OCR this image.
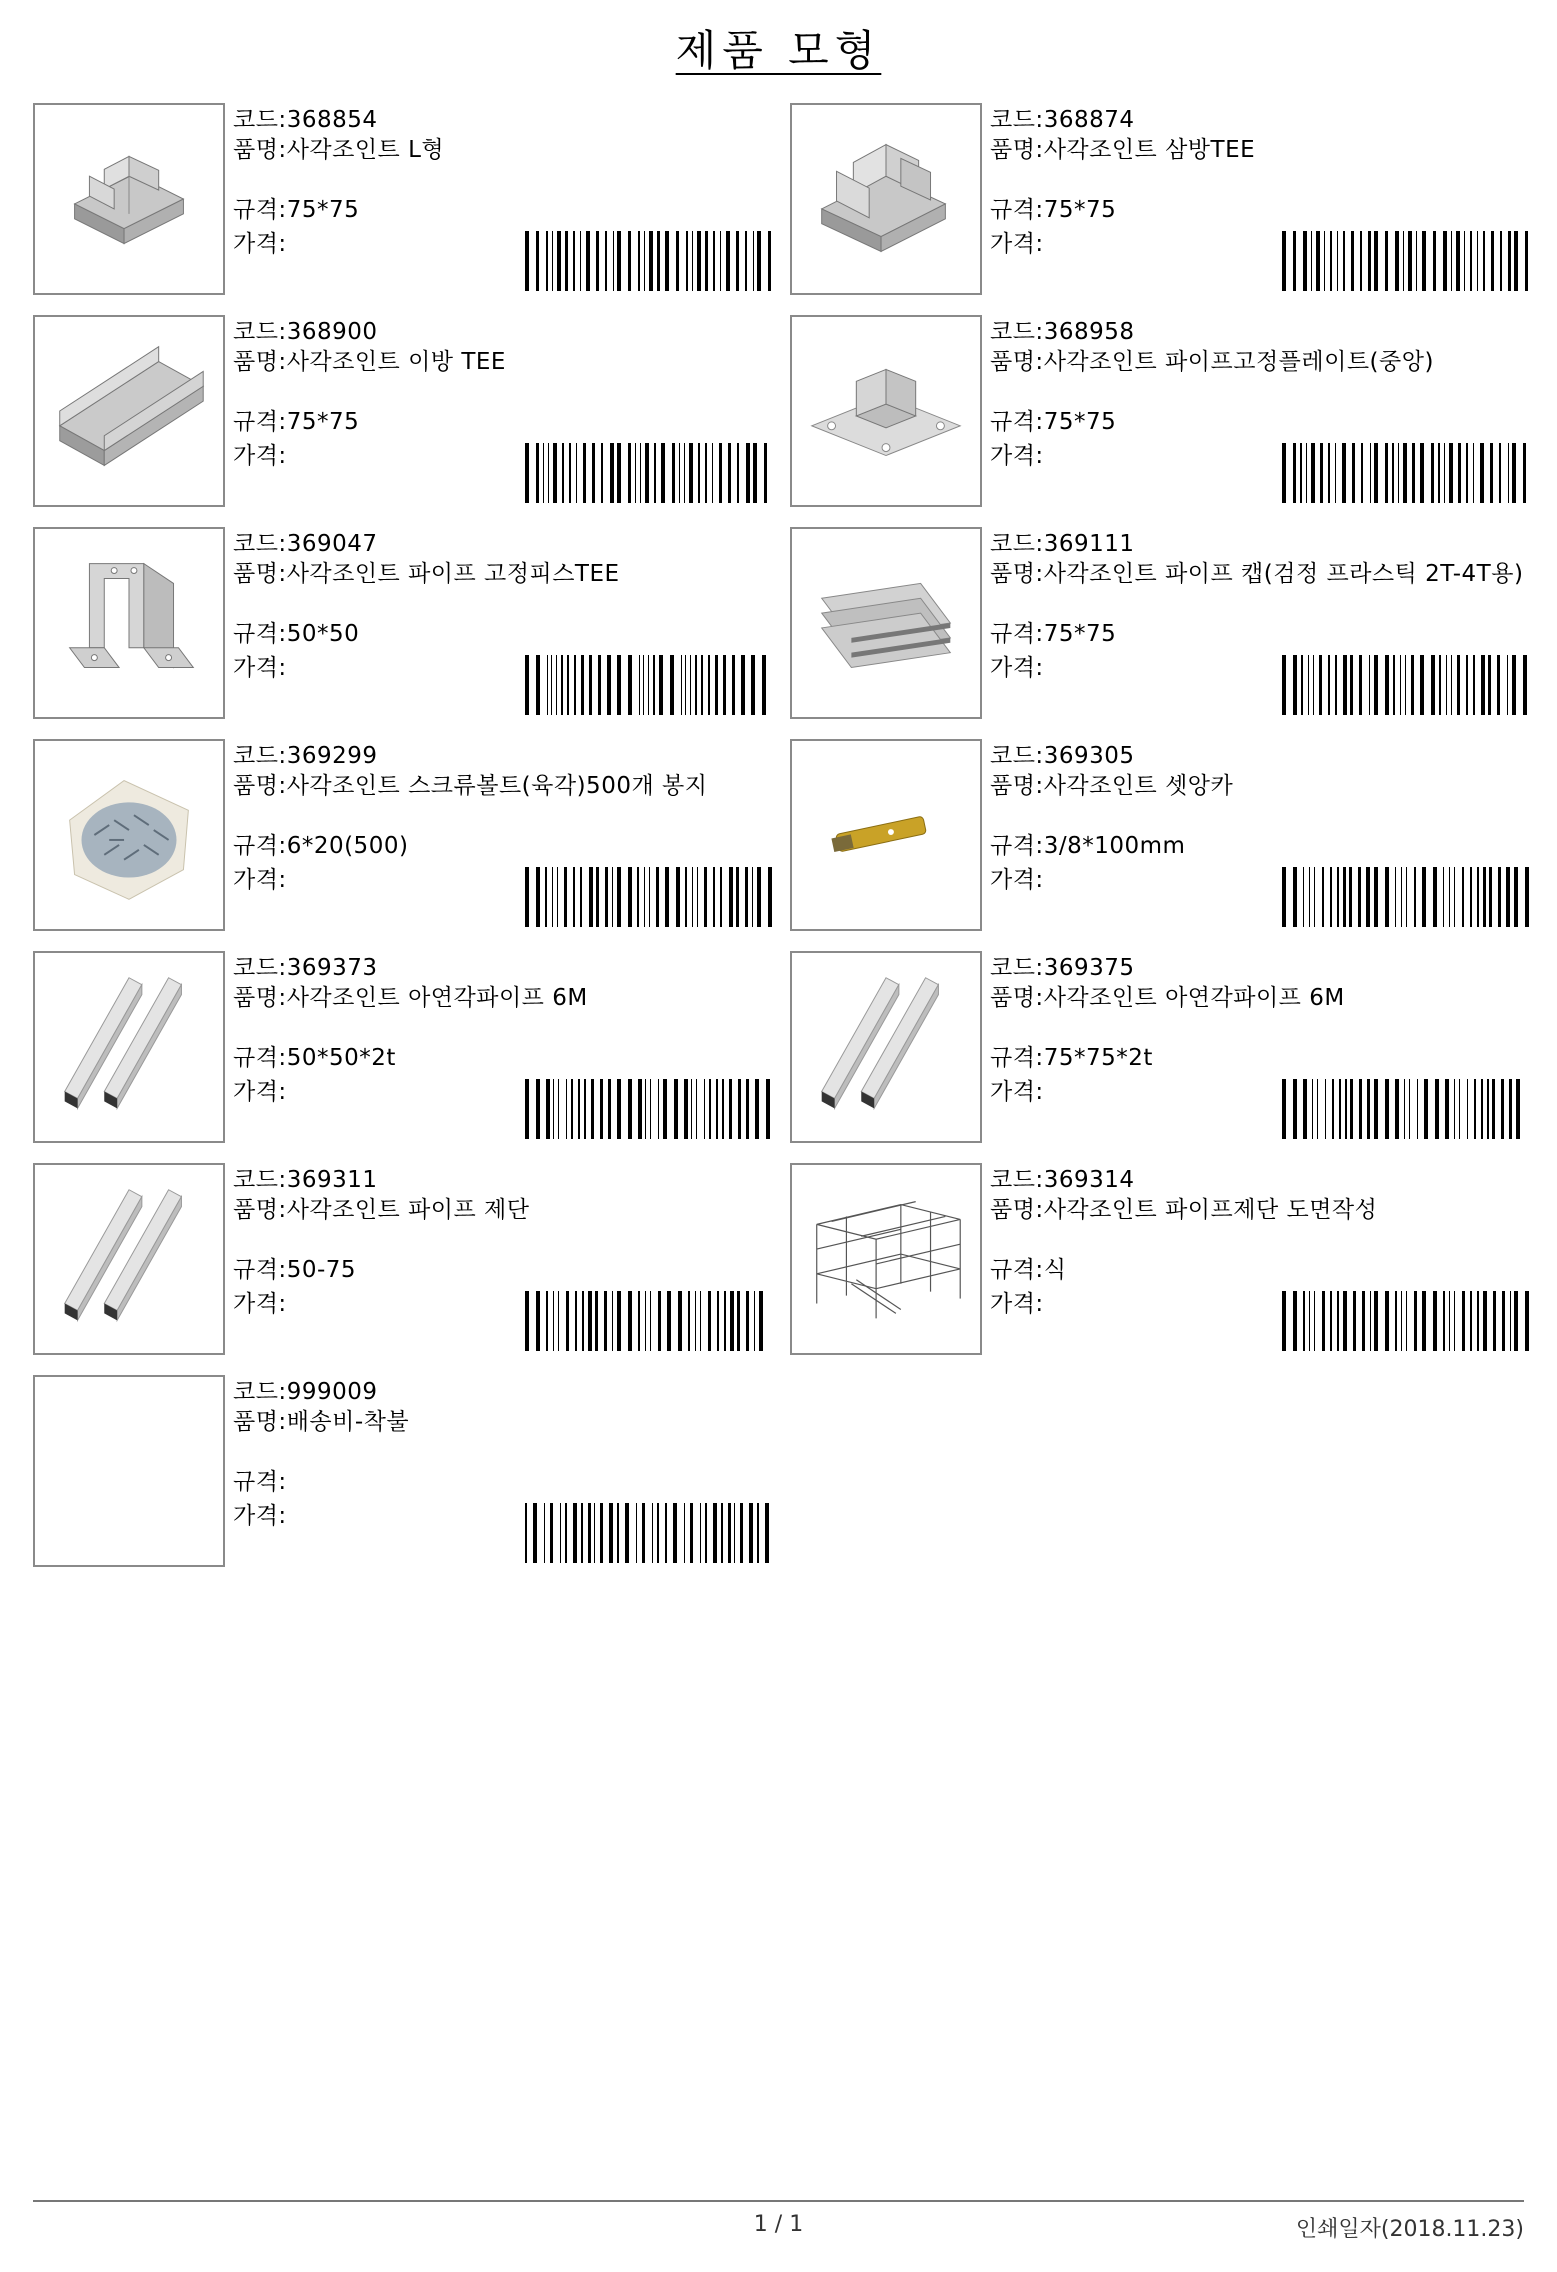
제품 모형
코드:368854
품명:사각조인트 L형
규격:75*75
가격:
코드:368874
품명:사각조인트 삼방TEE
규격:75*75
가격:
코드:368900
품명:사각조인트 이방 TEE
규격:75*75
가격:
코드:368958
품명:사각조인트 파이프고정플레이트(중앙)
규격:75*75
가격:
코드:369047
품명:사각조인트 파이프 고정피스TEE
규격:50*50
가격:
코드:369111
품명:사각조인트 파이프 캡(검정 프라스틱 2T-4T용)
규격:75*75
가격:
코드:369299
품명:사각조인트 스크류볼트(육각)500개 봉지
규격:6*20(500)
가격:
코드:369305
품명:사각조인트 셋앙카
규격:3/8*100mm
가격:
코드:369373
품명:사각조인트 아연각파이프 6M
규격:50*50*2t
가격:
코드:369375
품명:사각조인트 아연각파이프 6M
규격:75*75*2t
가격:
코드:369311
품명:사각조인트 파이프 제단
규격:50-75
가격:
코드:369314
품명:사각조인트 파이프제단 도면작성
규격:식
가격:
코드:999009
품명:배송비-착불
규격:
가격:
1 / 1	인쇄일자(2018.11.23)
